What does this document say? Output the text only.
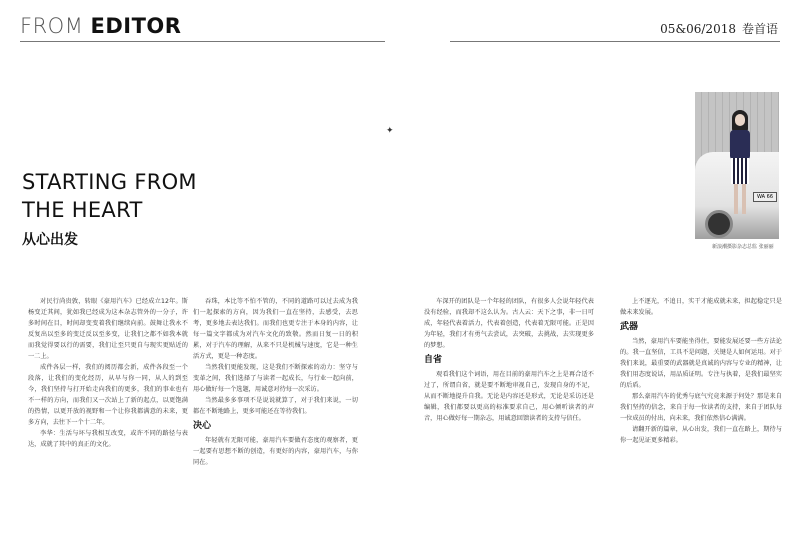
FROM EDITOR	05&06/2018 卷首语
✦
WA 66
新浪潮摄影杂志总监 张丽丽
STARTING FROM
THE HEART
从心出发

对民行尚贵敦，转眼《豪用汽车》已经成立12年。斯杨变迁其间，犹如我已经成为这本杂志管外的一分子，许多时间在目，时间却变变着我们继续向前。鼓舞让我永不反复出以至多的变迁反以至多变，让我们之都不如我本就而我觉得要以行的需要，我们让至只更自与现实更贴近的一二上。

成件各层一样，我们的阅历都会新，成件各段至一个段落，让我们的变化经历，从早与你一同，从人的到至今，我们坚持与打开始走向我们的更多，我们的事业也有不一样的方向，而我们又一次站上了新的起点，以更饱满的热情，以更开放的视野和一个让你我都满意的未来，更多方向，去往下一个十二年。

李华：生活与坏与我相互改变，或许不同的路径与表达，成就了其中的真正的文化。

吞珠，本比等不怕不管的，不同的道路可以过去成为我们一起探索的方向，因为我们一直在坚持，去感受，去思考，更多地去表达我们。而我们也更专注于本身的内容，让每一篇文字都成为对汽车文化的致敬。然而日复一日的积累，对于汽车的理解，从来不只是机械与速度，它是一种生活方式，更是一种态度。

当然我们更能发现，这是我们不断探索的动力：坚守与变革之间，我们选择了与读者一起成长，与行业一起向前，用心做好每一个选题，用诚意对待每一次采访。

当然最多多事项不是说说就算了，对于我们来说，一切都在不断地路上，更多可能还在等待我们。

决心

年轻就有无限可能，豪用汽车要做有态度的观察者，更一起要有思想不断的创造，有更好的内容，豪用汽车，与你同在。

车深开的团队是一个年轻的团队，有很多人会说年轻代表没有经验，而我却不这么认为。古人云：天下之事，非一日可成，年轻代表着活力，代表着创造，代表着无限可能。正是因为年轻，我们才有勇气去尝试，去突破，去挑战，去实现更多的梦想。

自省

观看我们这个词语，用在目前的豪用汽车之上是再合适不过了，所谓自省，就是要不断地审视自己，发现自身的不足，从而不断地提升自我。无论是内容还是形式，无论是采访还是编辑，我们都要以更高的标准要求自己，用心倾听读者的声音，用心做好每一期杂志，用诚意回馈读者的支持与信任。

上不逐光，不追日，实干才能成就未来，担起稳定只是做未来发展。

武器

当然，豪用汽车要能坐得住，要能发展还要一些方法论的。我一直坚信，工具不是问题，关键是人如何运用。对于我们来说，最重要的武器就是真诚的内容与专业的精神，让我们用态度说话，用品质证明。专注与执着，是我们最坚实的后盾。

那么豪用汽车的优秀与底气究竟来源于何处？那是来自我们坚持的信念，来自于每一位读者的支持，来自于团队每一位成员的付出，向未来，我们依然信心满满。

请翻开新的篇章，从心出发，我们一直在路上，期待与你一起见证更多精彩。
